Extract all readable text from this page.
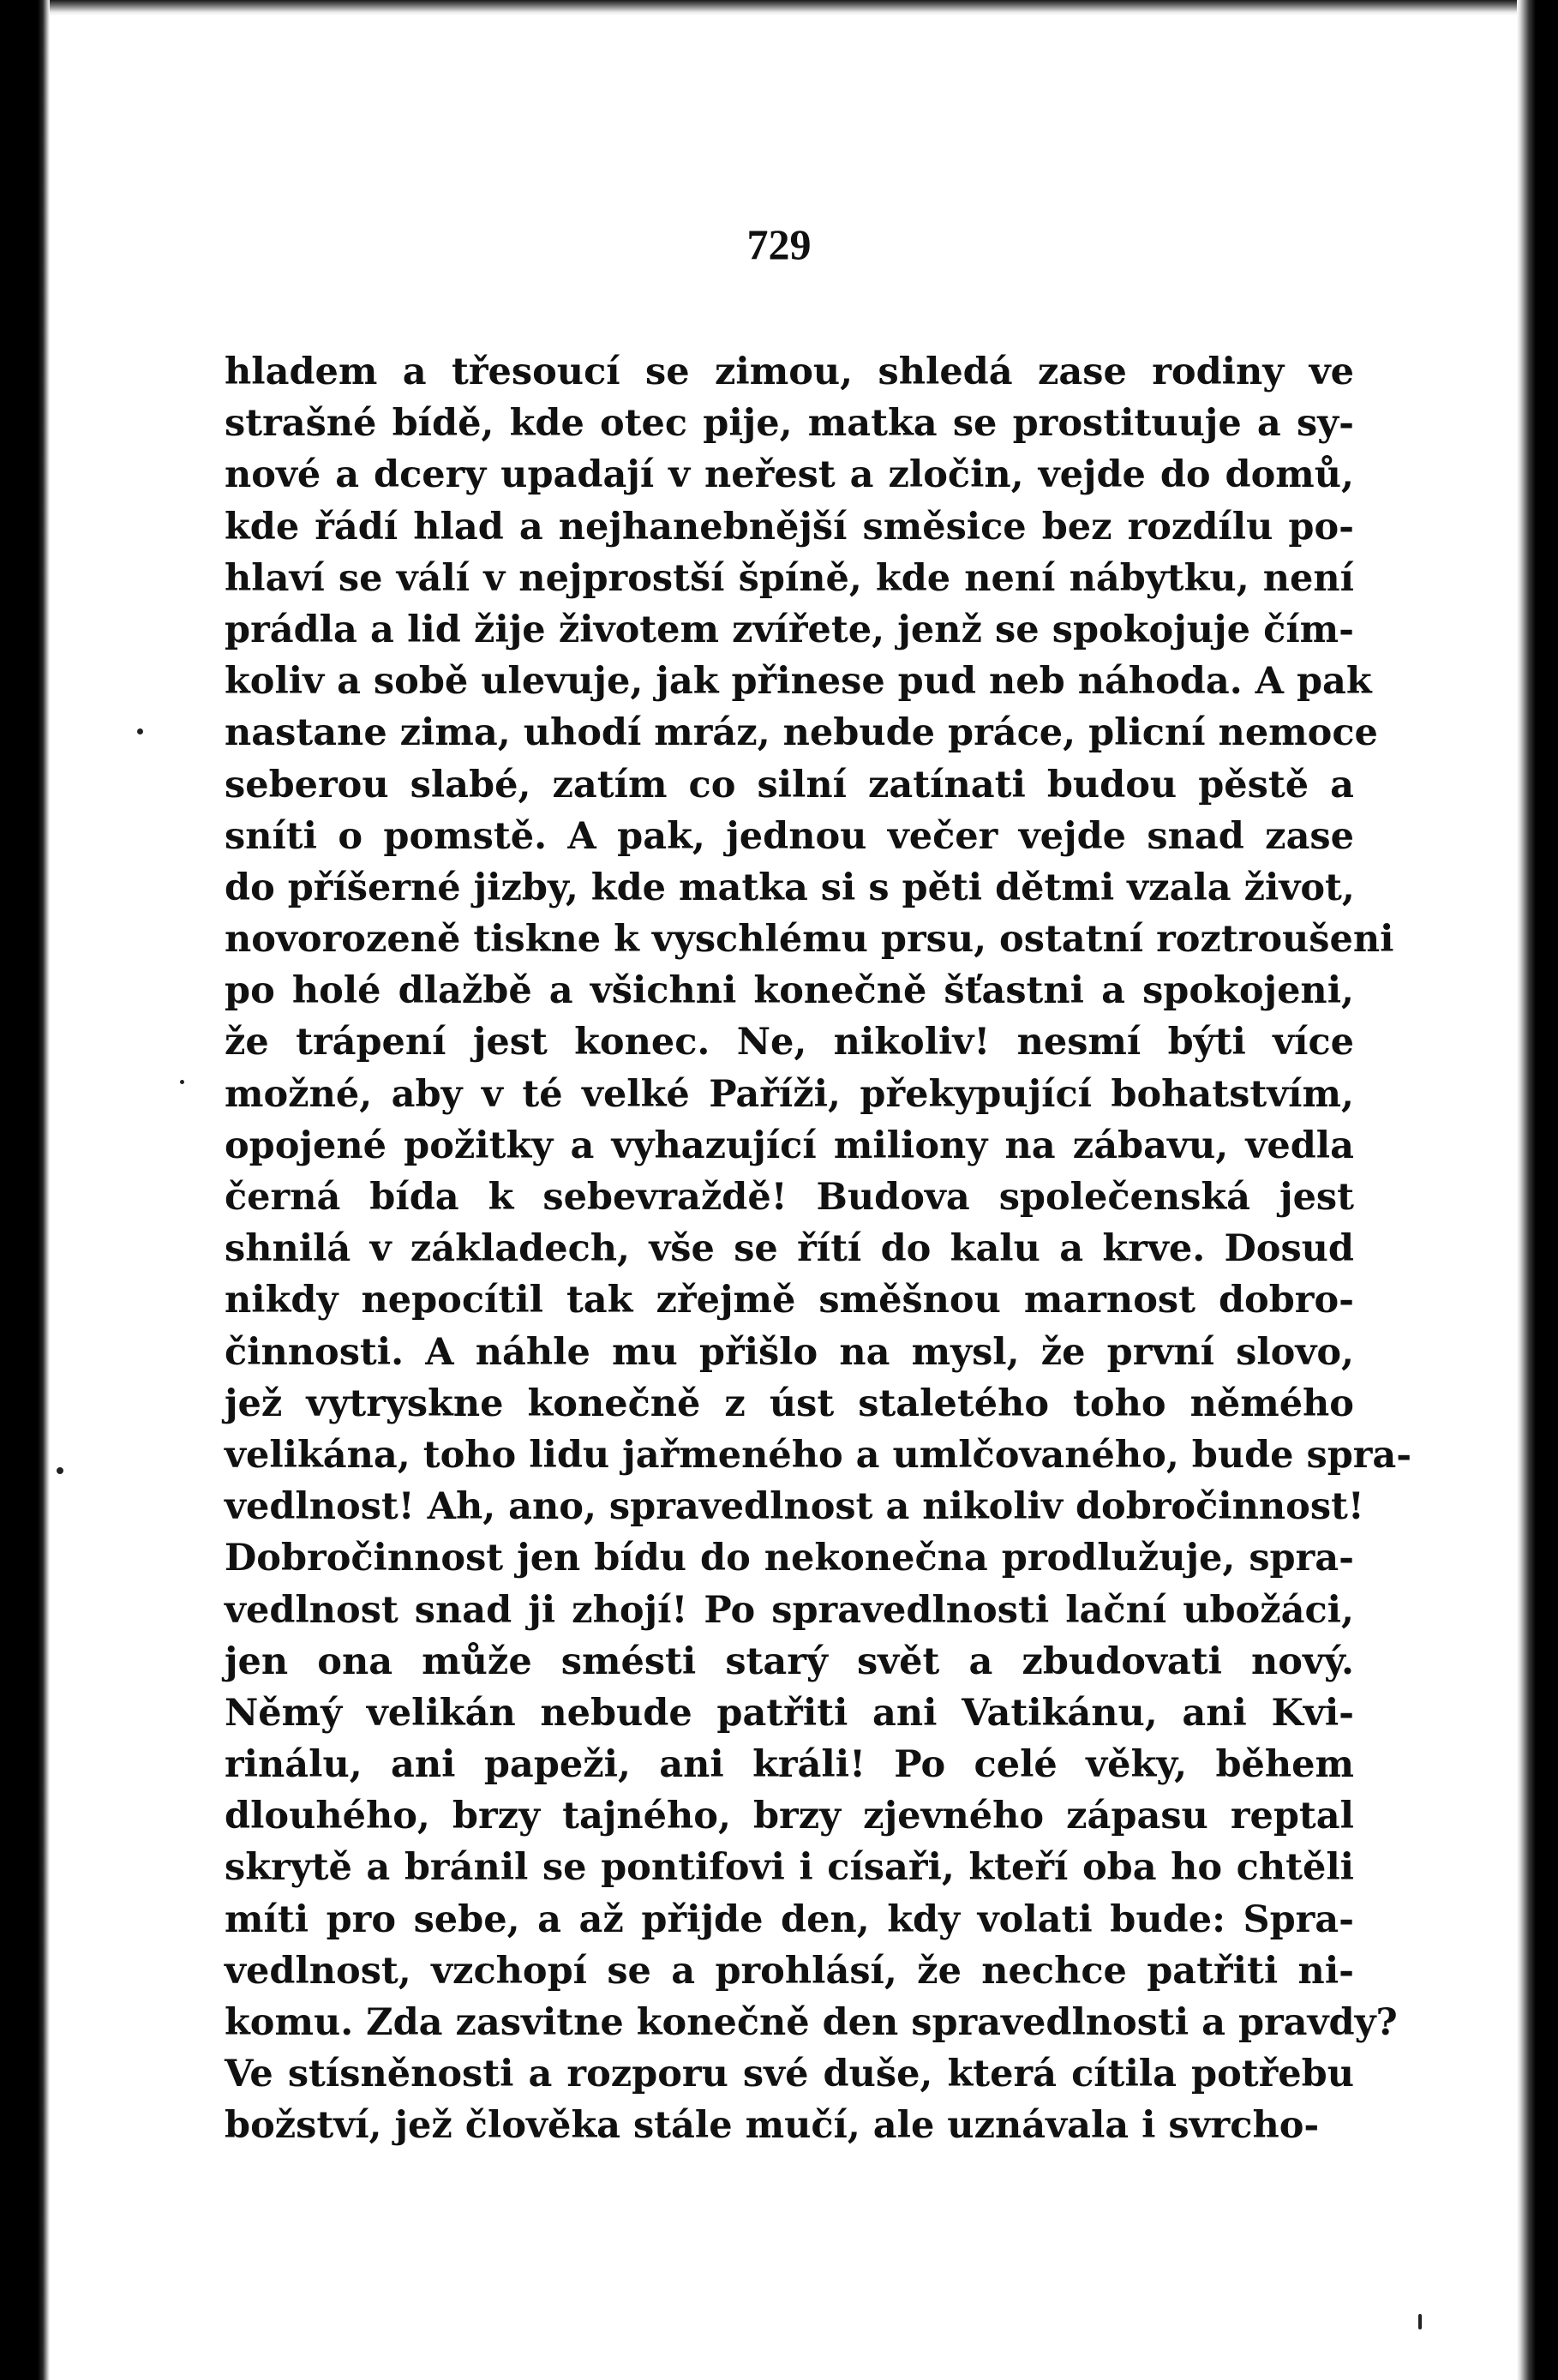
729
hladem a třesoucí se zimou, shledá zase rodiny ve
strašné bídě, kde otec pije, matka se prostituuje a sy-
nové a dcery upadají v neřest a zločin, vejde do domů,
kde řádí hlad a nejhanebnější směsice bez rozdílu po-
hlaví se válí v nejprostší špíně, kde není nábytku, není
prádla a lid žije životem zvířete, jenž se spokojuje čím-
koliv a sobě ulevuje, jak přinese pud neb náhoda. A pak
nastane zima, uhodí mráz, nebude práce, plicní nemoce
seberou slabé, zatím co silní zatínati budou pěstě a
sníti o pomstě. A pak, jednou večer vejde snad zase
do příšerné jizby, kde matka si s pěti dětmi vzala život,
novorozeně tiskne k vyschlému prsu, ostatní roztroušeni
po holé dlažbě a všichni konečně šťastni a spokojeni,
že trápení jest konec. Ne, nikoliv! nesmí býti více
možné, aby v té velké Paříži, překypující bohatstvím,
opojené požitky a vyhazující miliony na zábavu, vedla
černá bída k sebevraždě! Budova společenská jest
shnilá v základech, vše se řítí do kalu a krve. Dosud
nikdy nepocítil tak zřejmě směšnou marnost dobro-
činnosti. A náhle mu přišlo na mysl, že první slovo,
jež vytryskne konečně z úst staletého toho němého
velikána, toho lidu jařmeného a umlčovaného, bude spra-
vedlnost! Ah, ano, spravedlnost a nikoliv dobročinnost!
Dobročinnost jen bídu do nekonečna prodlužuje, spra-
vedlnost snad ji zhojí! Po spravedlnosti lační ubožáci,
jen ona může smésti starý svět a zbudovati nový.
Němý velikán nebude patřiti ani Vatikánu, ani Kvi-
rinálu, ani papeži, ani králi! Po celé věky, během
dlouhého, brzy tajného, brzy zjevného zápasu reptal
skrytě a bránil se pontifovi i císaři, kteří oba ho chtěli
míti pro sebe, a až přijde den, kdy volati bude: Spra-
vedlnost, vzchopí se a prohlásí, že nechce patřiti ni-
komu. Zda zasvitne konečně den spravedlnosti a pravdy?
Ve stísněnosti a rozporu své duše, která cítila potřebu
božství, jež člověka stále mučí, ale uznávala i svrcho-
